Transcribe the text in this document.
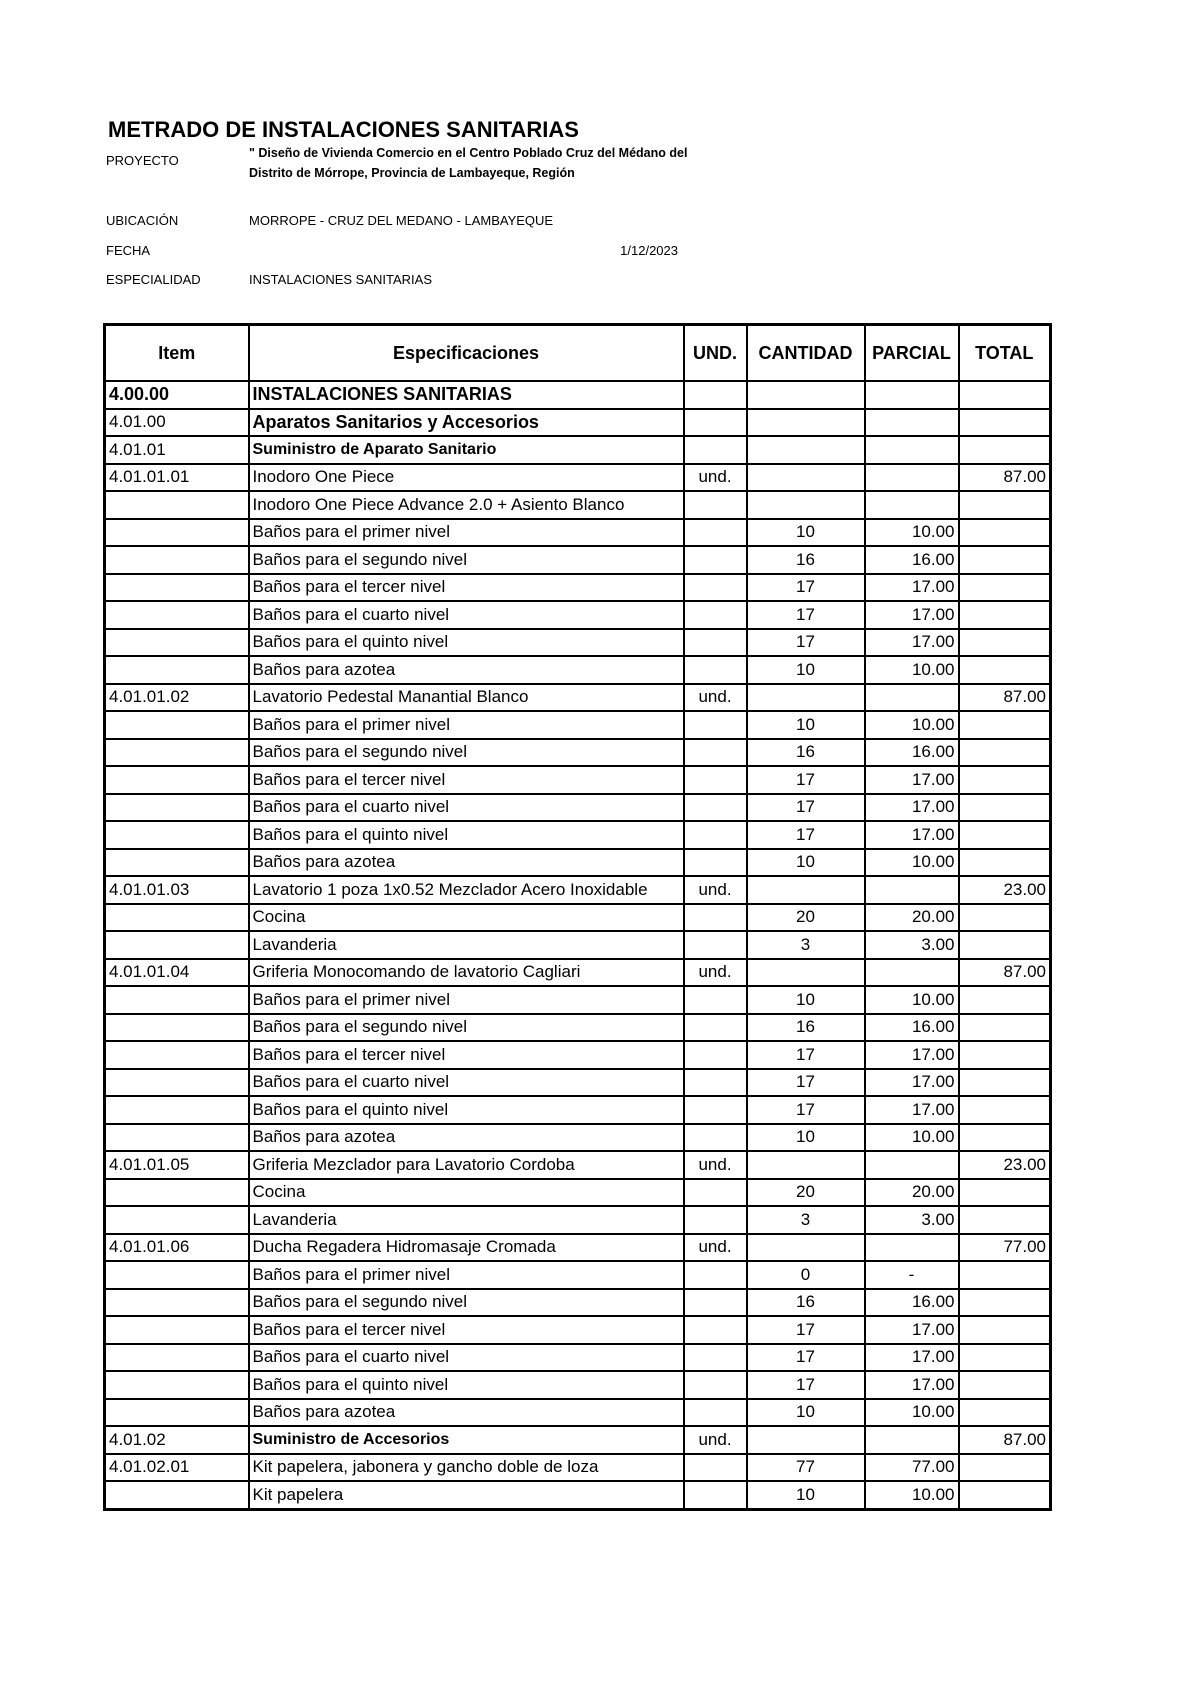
METRADO DE INSTALACIONES SANITARIAS
PROYECTO	" Diseño de Vivienda Comercio en el Centro Poblado Cruz del Médano del Distrito de Mórrope, Provincia de Lambayeque, Región
UBICACIÓN	MORROPE - CRUZ DEL MEDANO - LAMBAYEQUE
FECHA	1/12/2023
ESPECIALIDAD	INSTALACIONES SANITARIAS
Item	Especificaciones	UND.	CANTIDAD	PARCIAL	TOTAL
4.00.00	INSTALACIONES SANITARIAS				
4.01.00	Aparatos Sanitarios y Accesorios				
4.01.01	Suministro de Aparato Sanitario				
4.01.01.01	Inodoro One Piece	und.			87.00
	Inodoro One Piece Advance 2.0 + Asiento Blanco				
	Baños para el primer nivel		10	10.00	
	Baños para el segundo nivel		16	16.00	
	Baños para el tercer nivel		17	17.00	
	Baños para el cuarto nivel		17	17.00	
	Baños para el quinto nivel		17	17.00	
	Baños para azotea		10	10.00	
4.01.01.02	Lavatorio Pedestal Manantial Blanco	und.			87.00
	Baños para el primer nivel		10	10.00	
	Baños para el segundo nivel		16	16.00	
	Baños para el tercer nivel		17	17.00	
	Baños para el cuarto nivel		17	17.00	
	Baños para el quinto nivel		17	17.00	
	Baños para azotea		10	10.00	
4.01.01.03	Lavatorio 1 poza 1x0.52 Mezclador Acero Inoxidable	und.			23.00
	Cocina		20	20.00	
	Lavanderia		3	3.00	
4.01.01.04	Griferia Monocomando de lavatorio Cagliari	und.			87.00
	Baños para el primer nivel		10	10.00	
	Baños para el segundo nivel		16	16.00	
	Baños para el tercer nivel		17	17.00	
	Baños para el cuarto nivel		17	17.00	
	Baños para el quinto nivel		17	17.00	
	Baños para azotea		10	10.00	
4.01.01.05	Griferia Mezclador para Lavatorio Cordoba	und.			23.00
	Cocina		20	20.00	
	Lavanderia		3	3.00	
4.01.01.06	Ducha Regadera Hidromasaje Cromada	und.			77.00
	Baños para el primer nivel		0	-	
	Baños para el segundo nivel		16	16.00	
	Baños para el tercer nivel		17	17.00	
	Baños para el cuarto nivel		17	17.00	
	Baños para el quinto nivel		17	17.00	
	Baños para azotea		10	10.00	
4.01.02	Suministro de Accesorios	und.			87.00
4.01.02.01	Kit papelera, jabonera y gancho doble de loza		77	77.00	
	Kit papelera		10	10.00	
